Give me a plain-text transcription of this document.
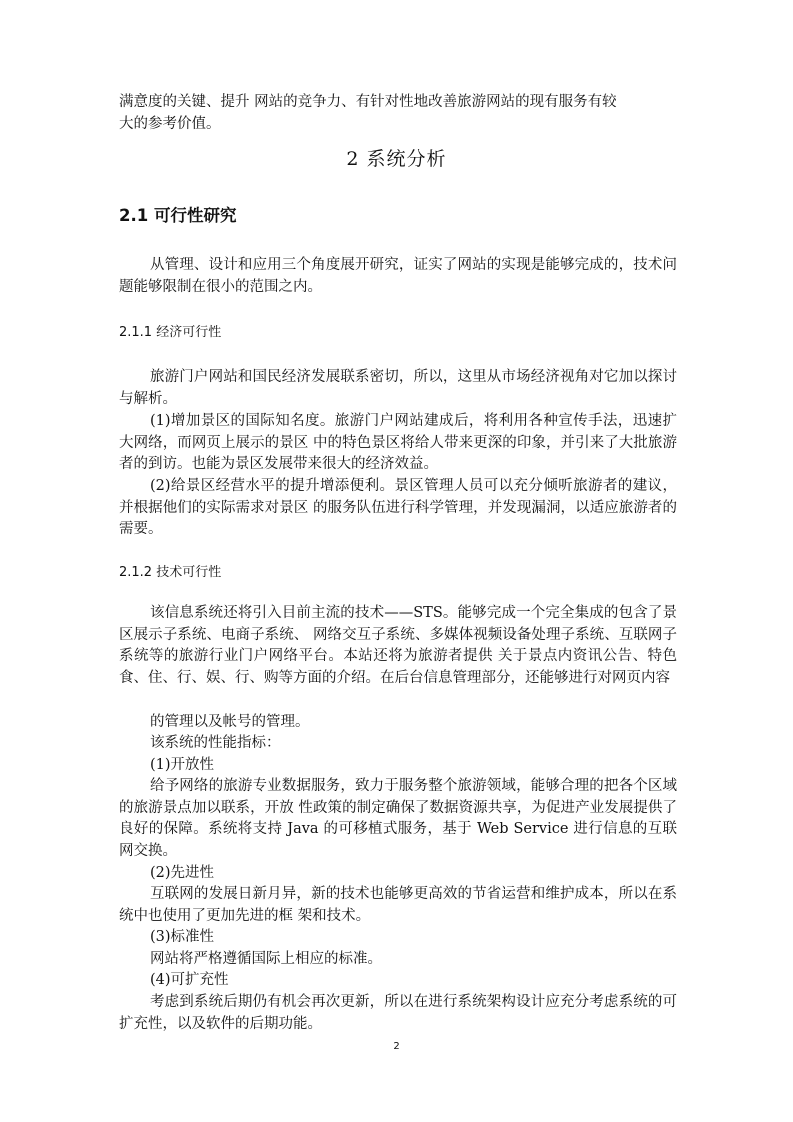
满意度的关键、提升 网站的竞争力、有针对性地改善旅游网站的现有服务有较
大的参考价值。
2 系统分析
2.1 可行性研究

从管理、设计和应用三个角度展开研究，证实了网站的实现是能够完成的，技术问题能够限制在很小的范围之内。

2.1.1 经济可行性

旅游门户网站和国民经济发展联系密切，所以，这里从市场经济视角对它加以探讨与解析。

(1)增加景区的国际知名度。旅游门户网站建成后，将利用各种宣传手法，迅速扩大网络，而网页上展示的景区 中的特色景区将给人带来更深的印象，并引来了大批旅游者的到访。也能为景区发展带来很大的经济效益。

(2)给景区经营水平的提升增添便利。景区管理人员可以充分倾听旅游者的建议，并根据他们的实际需求对景区 的服务队伍进行科学管理，并发现漏洞，以适应旅游者的需要。

2.1.2 技术可行性

该信息系统还将引入目前主流的技术——STS。能够完成一个完全集成的包含了景区展示子系统、电商子系统、 网络交互子系统、多媒体视频设备处理子系统、互联网子系统等的旅游行业门户网络平台。本站还将为旅游者提供 关于景点内资讯公告、特色食、住、行、娱、行、购等方面的介绍。在后台信息管理部分，还能够进行对网页内容

的管理以及帐号的管理。
该系统的性能指标：
(1)开放性

给予网络的旅游专业数据服务，致力于服务整个旅游领域，能够合理的把各个区域的旅游景点加以联系，开放 性政策的制定确保了数据资源共享，为促进产业发展提供了良好的保障。系统将支持 Java 的可移植式服务，基于 Web Service 进行信息的互联网交换。

(2)先进性

互联网的发展日新月异，新的技术也能够更高效的节省运营和维护成本，所以在系统中也使用了更加先进的框 架和技术。

(3)标准性
网站将严格遵循国际上相应的标准。
(4)可扩充性

考虑到系统后期仍有机会再次更新，所以在进行系统架构设计应充分考虑系统的可扩充性，以及软件的后期功能。

2
